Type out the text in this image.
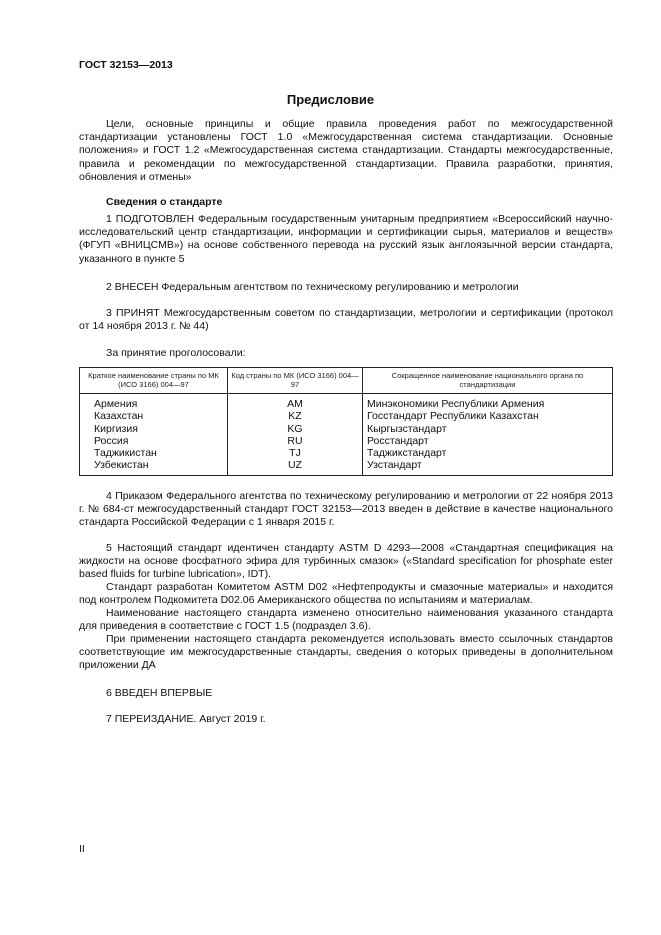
ГОСТ 32153—2013
Предисловие
Цели, основные принципы и общие правила проведения работ по межгосударственной стандартизации установлены ГОСТ 1.0 «Межгосударственная система стандартизации. Основные положения» и ГОСТ 1.2 «Межгосударственная система стандартизации. Стандарты межгосударственные, правила и рекомендации по межгосударственной стандартизации. Правила разработки, принятия, обновления и отмены»
Сведения о стандарте
1 ПОДГОТОВЛЕН Федеральным государственным унитарным предприятием «Всероссийский научно-исследовательский центр стандартизации, информации и сертификации сырья, материалов и веществ» (ФГУП «ВНИЦСМВ») на основе собственного перевода на русский язык англоязычной версии стандарта, указанного в пункте 5
2 ВНЕСЕН Федеральным агентством по техническому регулированию и метрологии
3 ПРИНЯТ Межгосударственным советом по стандартизации, метрологии и сертификации (протокол от 14 ноября 2013 г. № 44)
За принятие проголосовали:
Краткое наименование страны по МК (ИСО 3166) 004—97	Код страны по МК (ИСО 3166) 004—97	Сокращенное наименование национального органа по стандартизации
Армения	AM	Минэкономики Республики Армения
Казахстан	KZ	Госстандарт Республики Казахстан
Киргизия	KG	Кыргызстандарт
Россия	RU	Росстандарт
Таджикистан	TJ	Таджикстандарт
Узбекистан	UZ	Узстандарт
4 Приказом Федерального агентства по техническому регулированию и метрологии от 22 ноября 2013 г. № 684-ст межгосударственный стандарт ГОСТ 32153—2013 введен в действие в качестве национального стандарта Российской Федерации с 1 января 2015 г.
5 Настоящий стандарт идентичен стандарту ASTM D 4293—2008 «Стандартная спецификация на жидкости на основе фосфатного эфира для турбинных смазок» («Standard specification for phosphate ester based fluids for turbine lubrication», IDT).
Стандарт разработан Комитетом ASTM D02 «Нефтепродукты и смазочные материалы» и находится под контролем Подкомитета D02.06 Американского общества по испытаниям и материалам.
Наименование настоящего стандарта изменено относительно наименования указанного стандарта для приведения в соответствие с ГОСТ 1.5 (подраздел 3.6).
При применении настоящего стандарта рекомендуется использовать вместо ссылочных стандартов соответствующие им межгосударственные стандарты, сведения о которых приведены в дополнительном приложении ДА
6 ВВЕДЕН ВПЕРВЫЕ
7 ПЕРЕИЗДАНИЕ. Август 2019 г.
II
